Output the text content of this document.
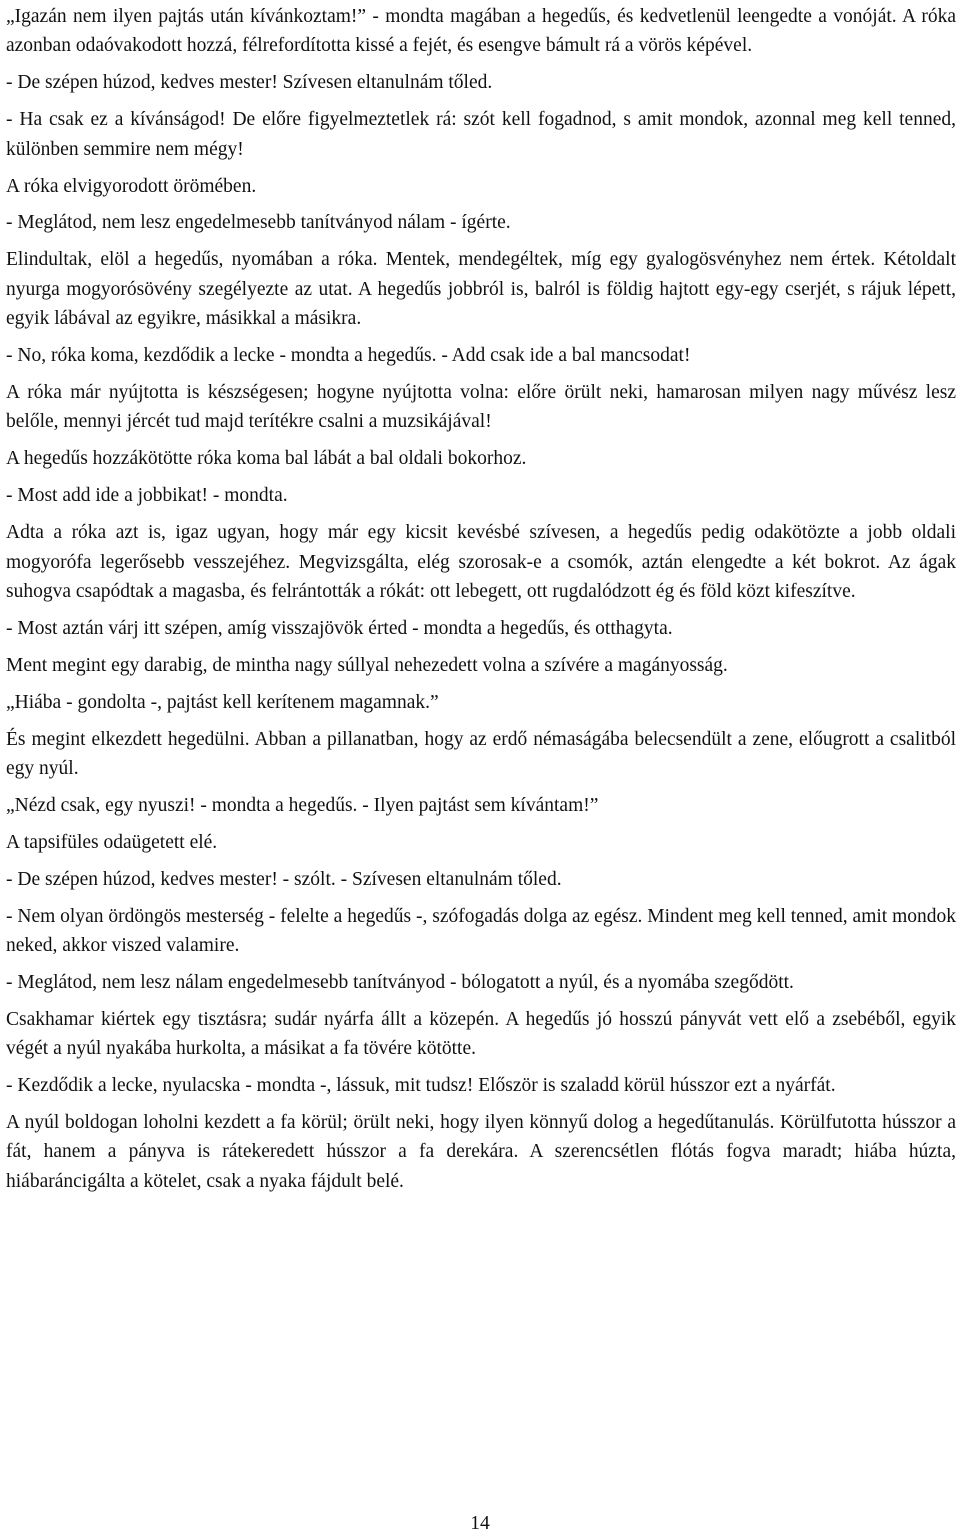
„Igazán nem ilyen pajtás után kívánkoztam!” - mondta magában a hegedűs, és kedvetlenül leengedte a vonóját. A róka azonban odaóvakodott hozzá, félrefordította kissé a fejét, és esengve bámult rá a vörös képével.

- De szépen húzod, kedves mester! Szívesen eltanulnám tőled.

- Ha csak ez a kívánságod! De előre figyelmeztetlek rá: szót kell fogadnod, s amit mondok, azonnal meg kell tenned, különben semmire nem mégy!

A róka elvigyorodott örömében.

- Meglátod, nem lesz engedelmesebb tanítványod nálam - ígérte.

Elindultak, elöl a hegedűs, nyomában a róka. Mentek, mendegéltek, míg egy gyalogösvényhez nem értek. Kétoldalt nyurga mogyorósövény szegélyezte az utat. A hegedűs jobbról is, balról is földig hajtott egy-egy cserjét, s rájuk lépett, egyik lábával az egyikre, másikkal a másikra.

- No, róka koma, kezdődik a lecke - mondta a hegedűs. - Add csak ide a bal mancsodat!

A róka már nyújtotta is készségesen; hogyne nyújtotta volna: előre örült neki, hamarosan milyen nagy művész lesz belőle, mennyi jércét tud majd terítékre csalni a muzsikájával!

A hegedűs hozzákötötte róka koma bal lábát a bal oldali bokorhoz.

- Most add ide a jobbikat! - mondta.

Adta a róka azt is, igaz ugyan, hogy már egy kicsit kevésbé szívesen, a hegedűs pedig odakötözte a jobb oldali mogyorófa legerősebb vesszejéhez. Megvizsgálta, elég szorosak-e a csomók, aztán elengedte a két bokrot. Az ágak suhogva csapódtak a magasba, és felrántották a rókát: ott lebegett, ott rugdalódzott ég és föld közt kifeszítve.

- Most aztán várj itt szépen, amíg visszajövök érted - mondta a hegedűs, és otthagyta.

Ment megint egy darabig, de mintha nagy súllyal nehezedett volna a szívére a magányosság.

„Hiába - gondolta -, pajtást kell kerítenem magamnak.”

És megint elkezdett hegedülni. Abban a pillanatban, hogy az erdő némaságába belecsendült a zene, előugrott a csalitból egy nyúl.

„Nézd csak, egy nyuszi! - mondta a hegedűs. - Ilyen pajtást sem kívántam!”

A tapsifüles odaügetett elé.

- De szépen húzod, kedves mester! - szólt. - Szívesen eltanulnám tőled.

- Nem olyan ördöngös mesterség - felelte a hegedűs -, szófogadás dolga az egész. Mindent meg kell tenned, amit mondok neked, akkor viszed valamire.

- Meglátod, nem lesz nálam engedelmesebb tanítványod - bólogatott a nyúl, és a nyomába szegődött.

Csakhamar kiértek egy tisztásra; sudár nyárfa állt a közepén. A hegedűs jó hosszú pányvát vett elő a zsebéből, egyik végét a nyúl nyakába hurkolta, a másikat a fa tövére kötötte.

- Kezdődik a lecke, nyulacska - mondta -, lássuk, mit tudsz! Először is szaladd körül hússzor ezt a nyárfát.

A nyúl boldogan loholni kezdett a fa körül; örült neki, hogy ilyen könnyű dolog a hegedűtanulás. Körülfutotta hússzor a fát, hanem a pányva is rátekeredett hússzor a fa derekára. A szerencsétlen flótás fogva maradt; hiába húzta, hiábaráncigálta a kötelet, csak a nyaka fájdult belé.

14
